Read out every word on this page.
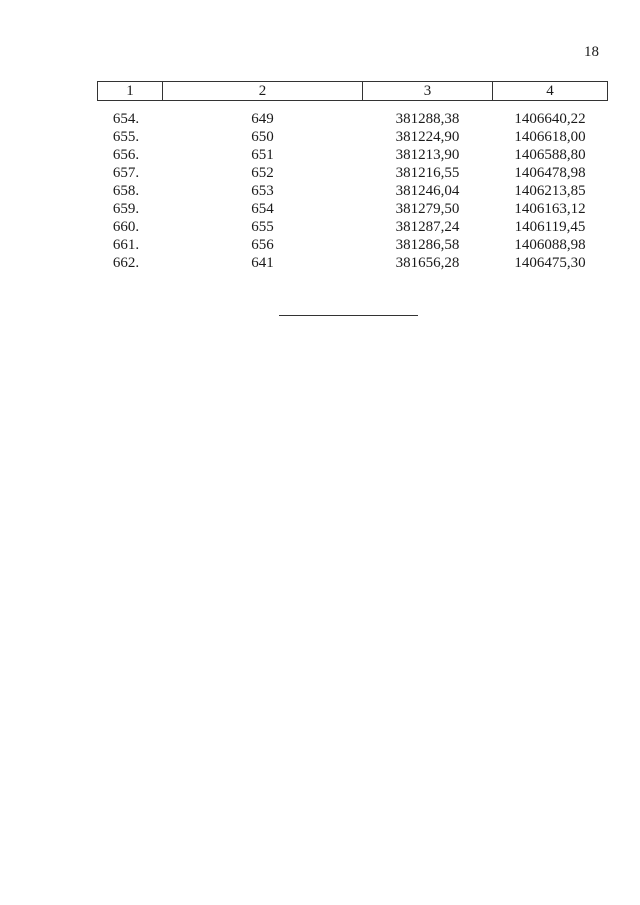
18
1	2	3	4

654.	649	381288,38	1406640,22
655.	650	381224,90	1406618,00
656.	651	381213,90	1406588,80
657.	652	381216,55	1406478,98
658.	653	381246,04	1406213,85
659.	654	381279,50	1406163,12
660.	655	381287,24	1406119,45
661.	656	381286,58	1406088,98
662.	641	381656,28	1406475,30
